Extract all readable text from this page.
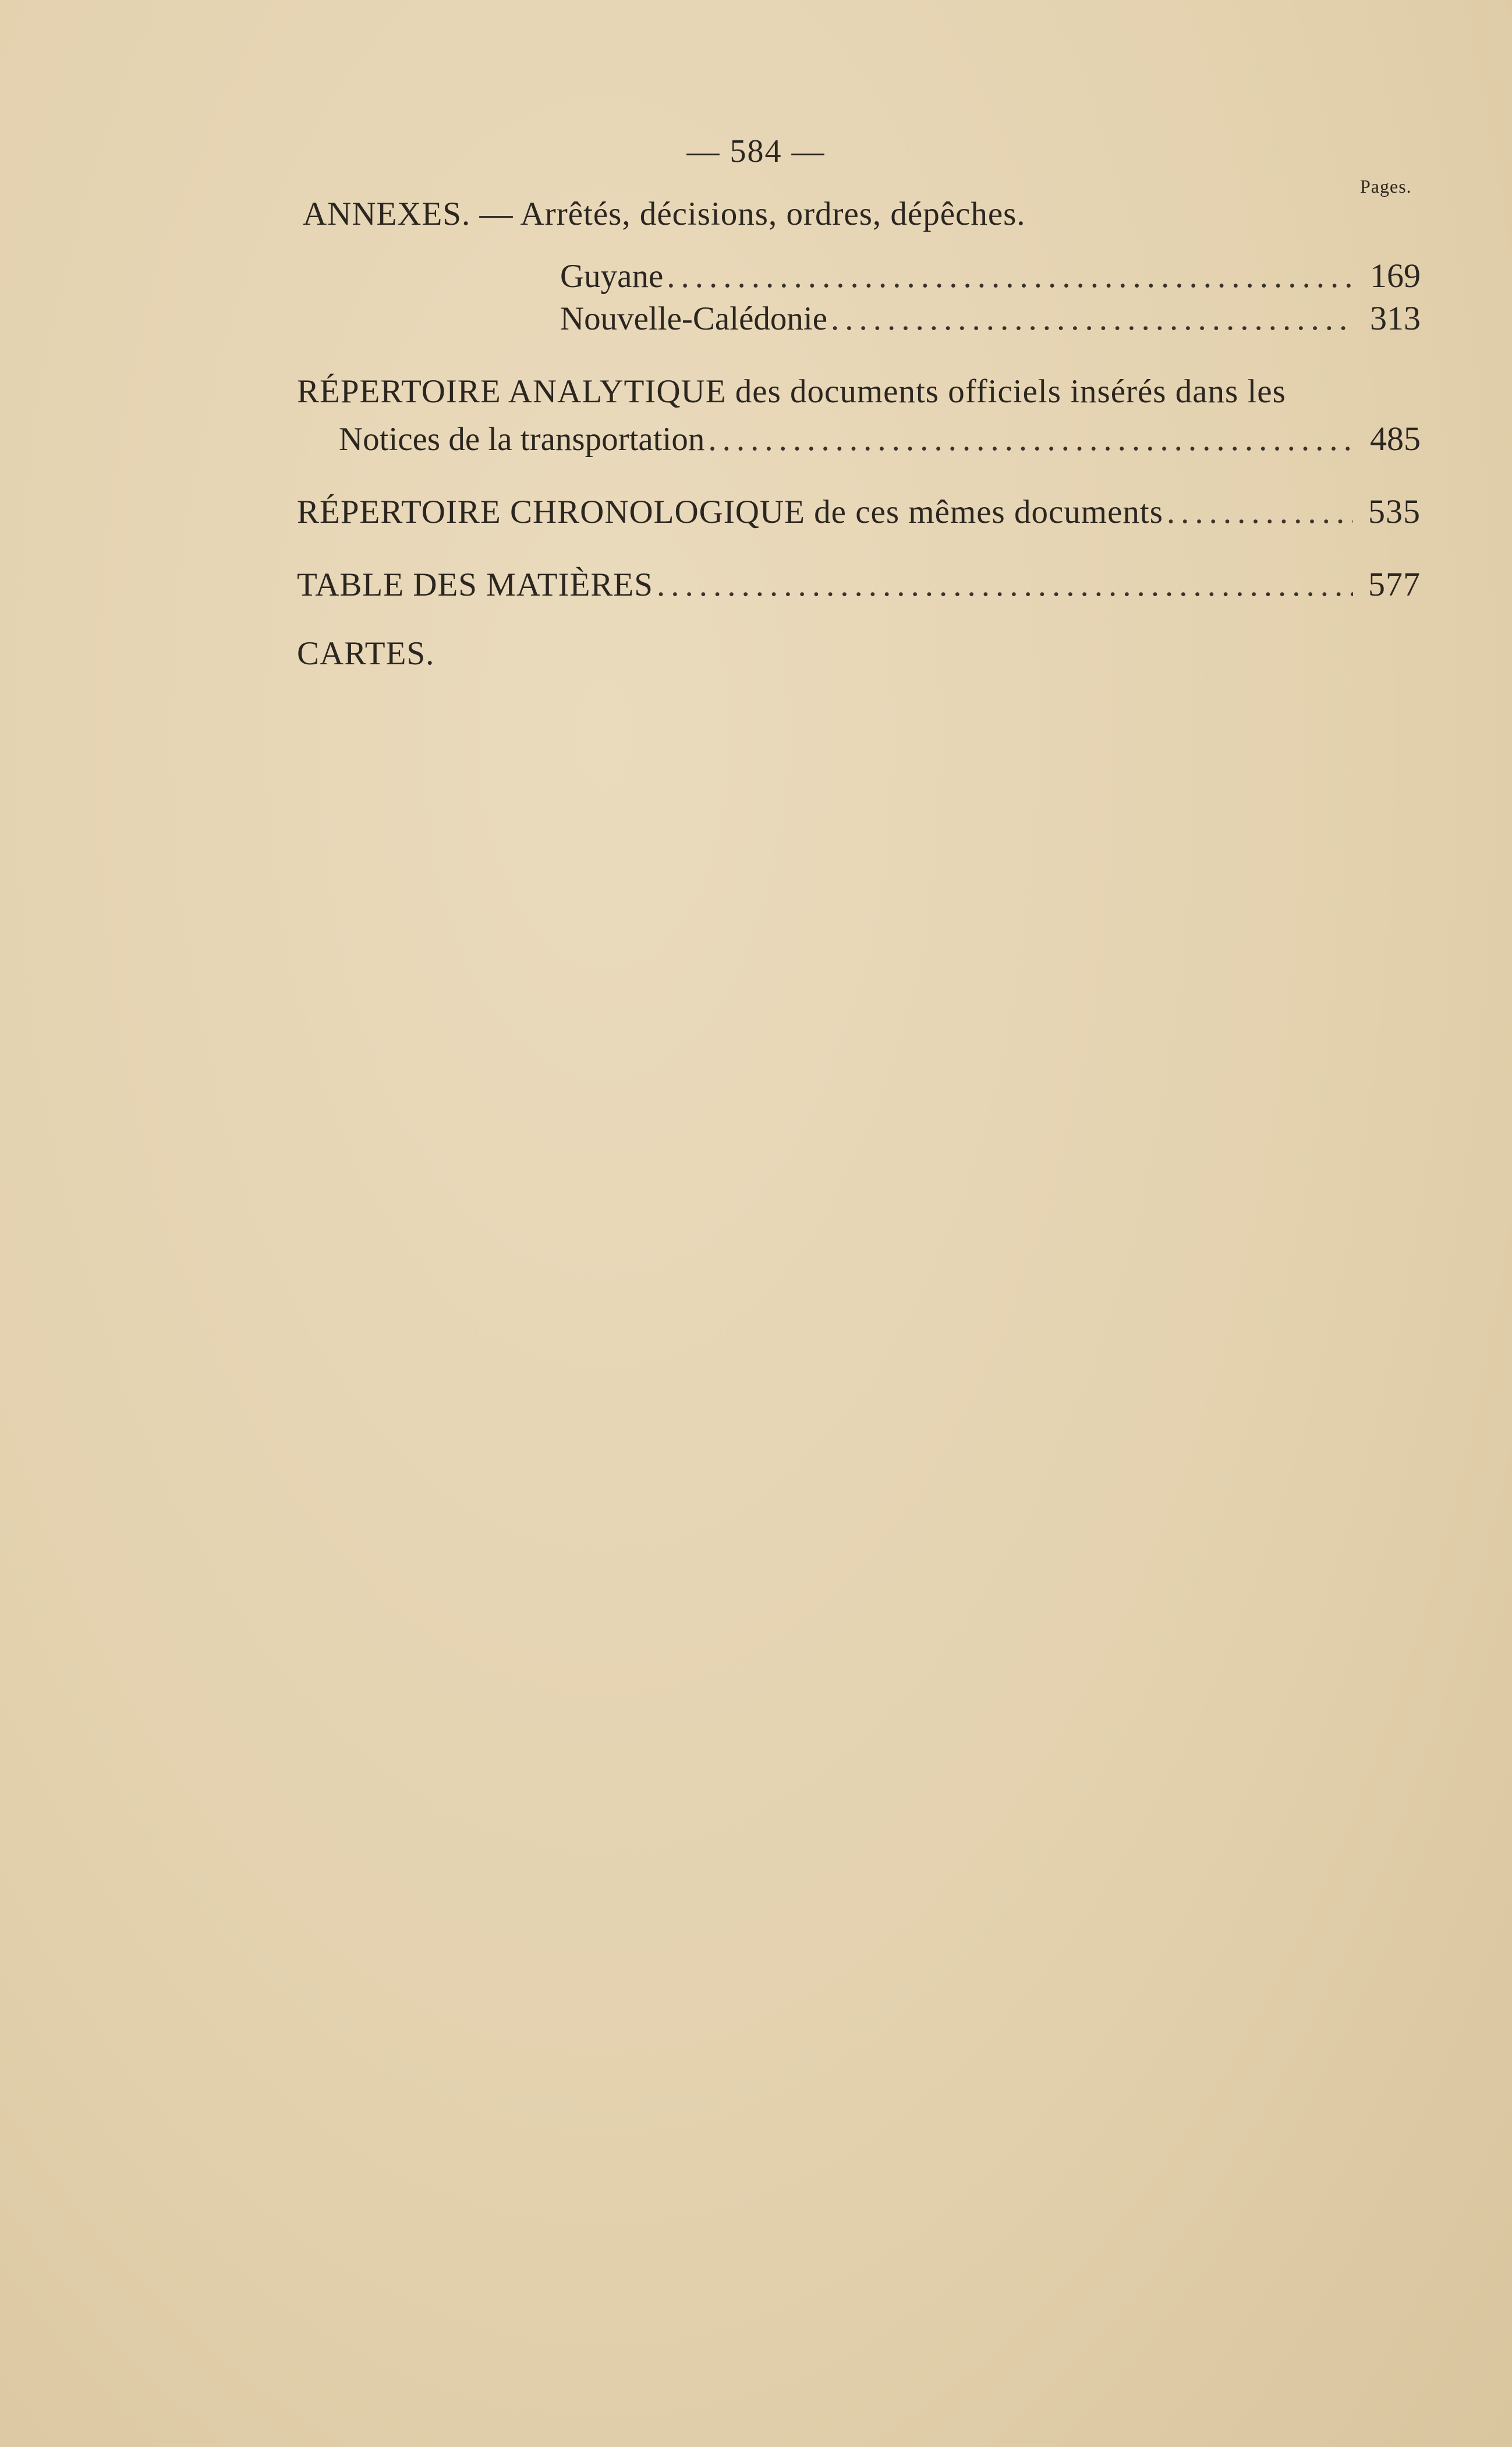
— 584 —
Pages.
ANNEXES. — Arrêtés, décisions, ordres, dépêches.
Guyane .....	169
Nouvelle-Calédonie .....	313
RÉPERTOIRE ANALYTIQUE des documents officiels insérés dans les
Notices de la transportation .....	485
RÉPERTOIRE CHRONOLOGIQUE de ces mêmes documents .....	535
TABLE DES MATIÈRES .....	577
CARTES.
